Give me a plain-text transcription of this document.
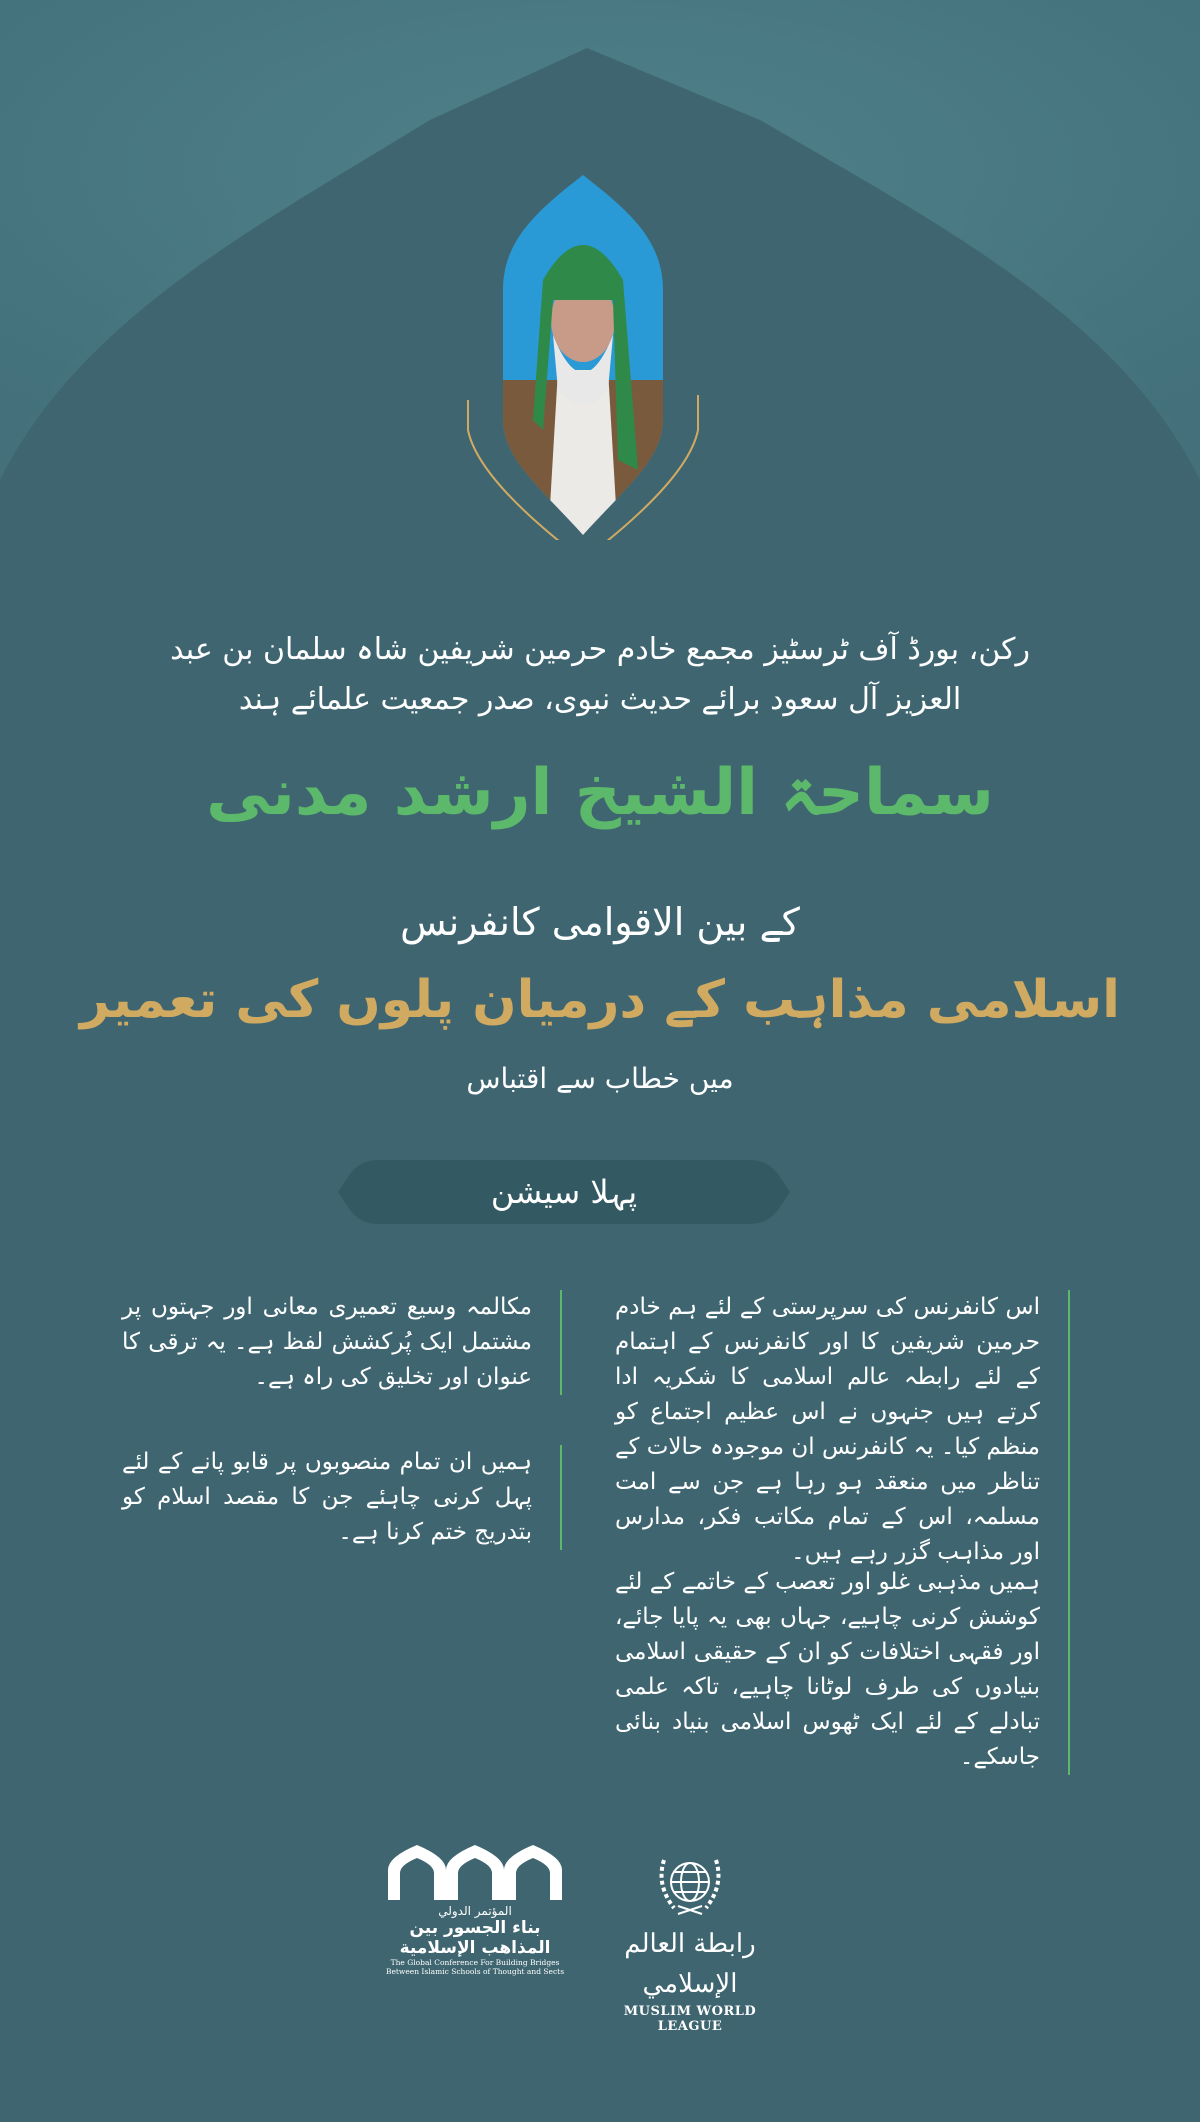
رکن، بورڈ آف ٹرسٹیز مجمع خادم حرمین شریفین شاہ سلمان بن عبد
العزیز آل سعود برائے حدیث نبوی، صدر جمعیت علمائے ہند
سماحۃ الشیخ ارشد مدنی
کے بین الاقوامی کانفرنس
اسلامی مذاہب کے درمیان پلوں کی تعمیر
میں خطاب سے اقتباس
پہلا سیشن
اس کانفرنس کی سرپرستی کے لئے ہم خادم حرمین شریفین کا اور کانفرنس کے اہتمام کے لئے رابطہ عالم اسلامی کا شکریہ ادا کرتے ہیں جنہوں نے اس عظیم اجتماع کو منظم کیا۔ یہ کانفرنس ان موجودہ حالات کے تناظر میں منعقد ہو رہا ہے جن سے امت مسلمہ، اس کے تمام مکاتب فکر، مدارس اور مذاہب گزر رہے ہیں۔
ہمیں مذہبی غلو اور تعصب کے خاتمے کے لئے کوشش کرنی چاہیے، جہاں بھی یہ پایا جائے، اور فقہی اختلافات کو ان کے حقیقی اسلامی بنیادوں کی طرف لوٹانا چاہیے، تاکہ علمی تبادلے کے لئے ایک ٹھوس اسلامی بنیاد بنائی جاسکے۔
مکالمہ وسیع تعمیری معانی اور جہتوں پر مشتمل ایک پُرکشش لفظ ہے۔ یہ ترقی کا عنوان اور تخلیق کی راہ ہے۔
ہمیں ان تمام منصوبوں پر قابو پانے کے لئے پہل کرنی چاہئے جن کا مقصد اسلام کو بتدریج ختم کرنا ہے۔
المؤتمر الدولي
بناء الجسور بين
المذاهب الإسلامية
The Global Conference For Building Bridges
Between Islamic Schools of Thought and Sects
رابطة العالم الإسلامي
MUSLIM WORLD LEAGUE
